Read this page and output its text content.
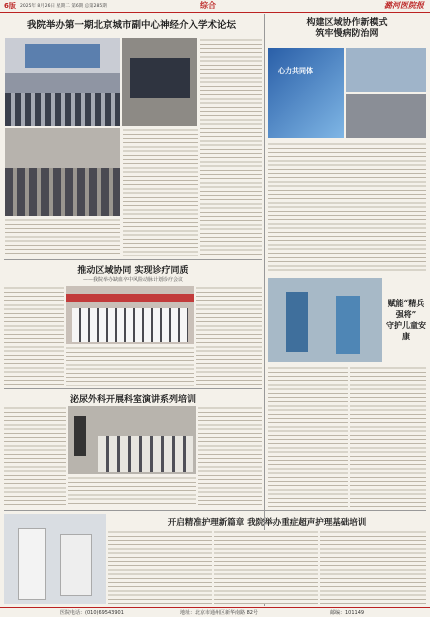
6版 2025年 8月26日 星期二 第6期 总第285期	综合	潞河医院报
我院举办第一期北京城市副中心神经介入学术论坛	构建区域协作新模式
筑牢慢病防治网
心力共同体
推动区域协同 实现诊疗同质
——我院举办缺血卒中风险动脉计划诊疗会议
赋能“精兵强将”
守护儿童安康
泌尿外科开展科室演讲系列培训
开启精准护理新篇章 我院举办重症超声护理基础培训
医院电话：(010)69543901	地址：北京市通州区新华南路 82号	邮编：101149
